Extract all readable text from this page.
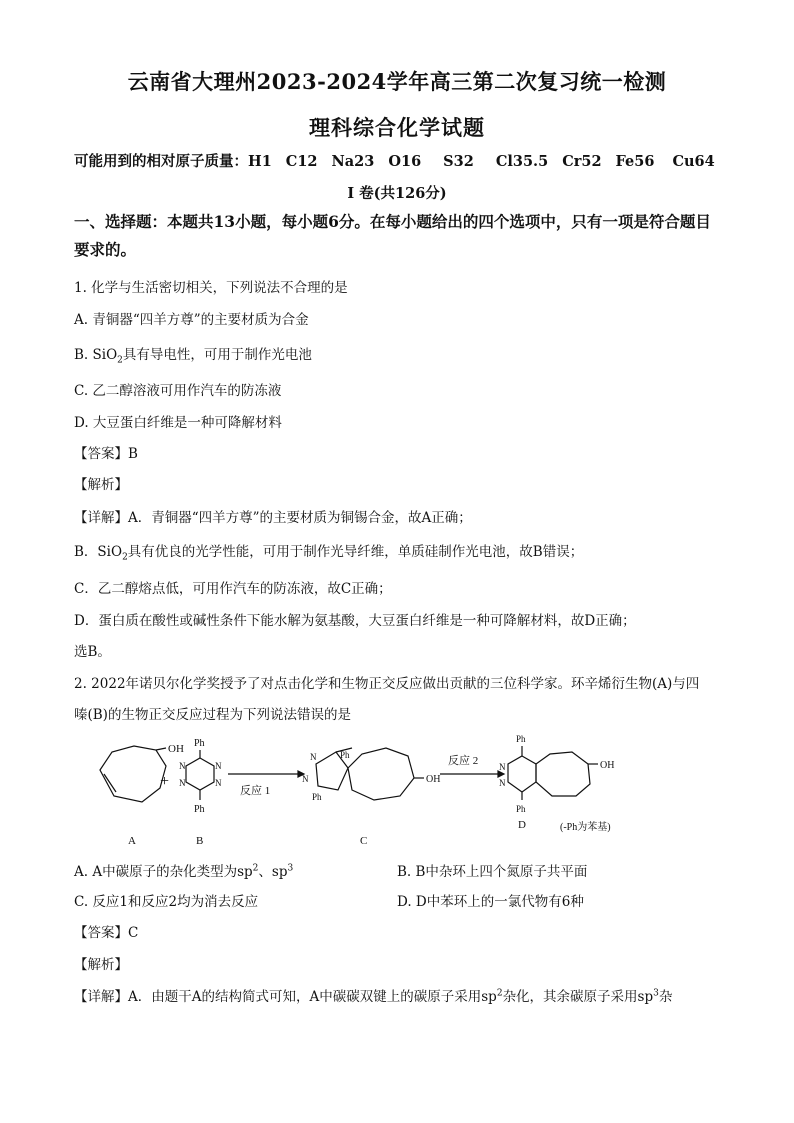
云南省大理州2023-2024学年高三第二次复习统一检测
理科综合化学试题
可能用到的相对原子质量：H1 C12 Na23 O16 S32 Cl35.5 Cr52 Fe56 Cu64
I 卷(共126分)
一、选择题：本题共13小题，每小题6分。在每小题给出的四个选项中，只有一项是符合题目要求的。
1. 化学与生活密切相关，下列说法不合理的是
A. 青铜器“四羊方尊”的主要材质为合金
B. SiO$_2$具有导电性，可用于制作光电池
C. 乙二醇溶液可用作汽车的防冻液
D. 大豆蛋白纤维是一种可降解材料
【答案】B
【解析】
【详解】A．青铜器“四羊方尊”的主要材质为铜锡合金，故A正确；
B．SiO$_2$具有优良的光学性能，可用于制作光导纤维，单质硅制作光电池，故B错误；
C．乙二醇熔点低，可用作汽车的防冻液，故C正确；
D．蛋白质在酸性或碱性条件下能水解为氨基酸，大豆蛋白纤维是一种可降解材料，故D正确；
选B。
2. 2022年诺贝尔化学奖授予了对点击化学和生物正交反应做出贡献的三位科学家。环辛烯衍生物(A)与四
嗪(B)的生物正交反应过程为下列说法错误的是
OH
A
+
Ph
Ph
N
N
N
N
B
反应 1
N
N
Ph
Ph
OH
C
反应 2
Ph
Ph
N
N
OH
D	(-Ph为苯基)
A. A中碳原子的杂化类型为$sp^2$、$sp^3$	B. B中杂环上四个氮原子共平面
C. 反应1和反应2均为消去反应	D. D中苯环上的一氯代物有6种
【答案】C
【解析】
【详解】A．由题干A的结构简式可知，A中碳碳双键上的碳原子采用$sp^2$杂化，其余碳原子采用$sp^3$杂
